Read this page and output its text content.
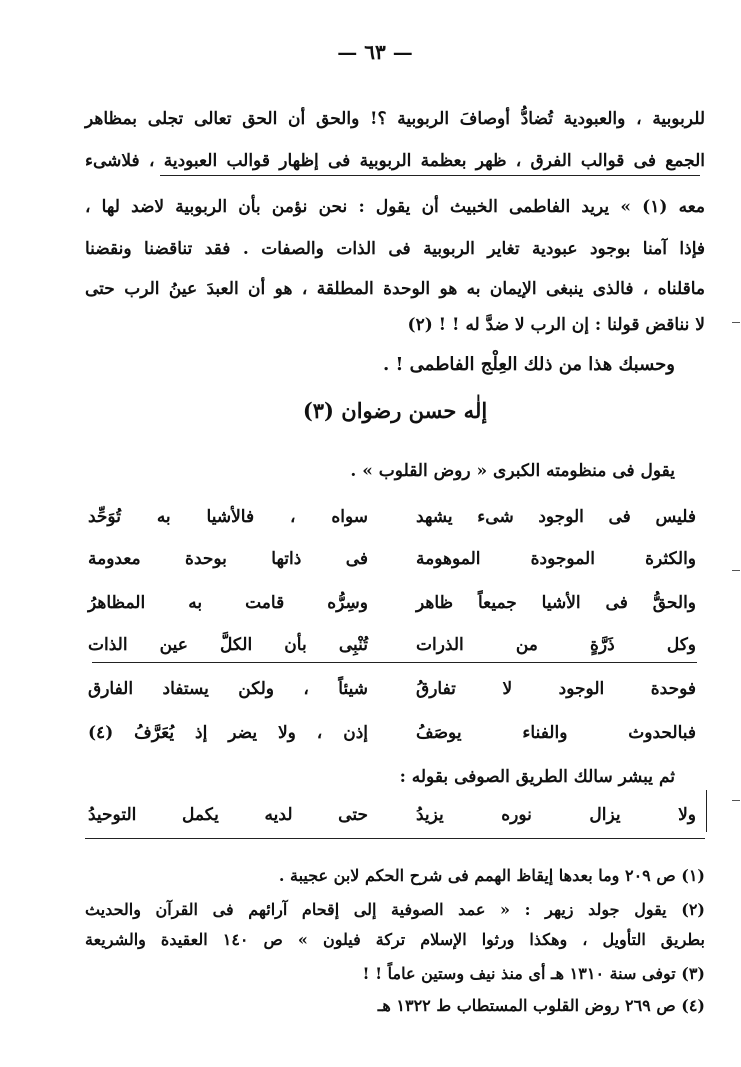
— ٦٣ —
للربوبية ، والعبودية تُضادُّ أوصافَ الربوبية ؟! والحق أن الحق تعالى تجلى بمظاهر
الجمع فى قوالب الفرق ، ظهر بعظمة الربوبية فى إظهار قوالب العبودية ، فلاشىء
معه (١) » يريد الفاطمى الخبيث أن يقول : نحن نؤمن بأن الربوبية لاضد لها ،
فإذا آمنا بوجود عبودية تغاير الربوبية فى الذات والصفات . فقد تناقضنا ونقضنا
ماقلناه ، فالذى ينبغى الإيمان به هو الوحدة المطلقة ، هو أن العبدَ عينُ الرب حتى
لا نناقض قولنا : إن الرب لا ضدَّ له ! ! (٢)
وحسبك هذا من ذلك العِلْج الفاطمى ! .
إلٰه حسن رضوان (٣)
يقول فى منظومته الكبرى « روض القلوب » .
فليس فى الوجود شىء يشهد
سواه ، فالأشيا به تُوَحِّد
والكثرة الموجودة الموهومة
فى ذاتها بوحدة معدومة
والحقُّ فى الأشيا جميعاً ظاهر
وسِرُّه قامت به المظاهرُ
وكل ذَرَّةٍ من الذرات
تُنْبِى بأن الكلَّ عين الذات
فوحدة الوجود لا تفارقُ
شيئاً ، ولكن يستفاد الفارق
فبالحدوث والفناء يوصَفُ
إذن ، ولا يضر إذ يُعَرَّفُ (٤)
ثم يبشر سالك الطريق الصوفى بقوله :
ولا يزال نوره يزيدُ
حتى لديه يكمل التوحيدُ
(١) ص ٢٠٩ وما بعدها إيقاظ الهمم فى شرح الحكم لابن عجيبة .
(٢) يقول جولد زيهر : « عمد الصوفية إلى إقحام آرائهم فى القرآن والحديث
بطريق التأويل ، وهكذا ورثوا الإسلام تركة فيلون » ص ١٤٠ العقيدة والشريعة
(٣) توفى سنة ١٣١٠ هـ أى منذ نيف وستين عاماً ! !
(٤) ص ٢٦٩ روض القلوب المستطاب ط ١٣٢٢ هـ
